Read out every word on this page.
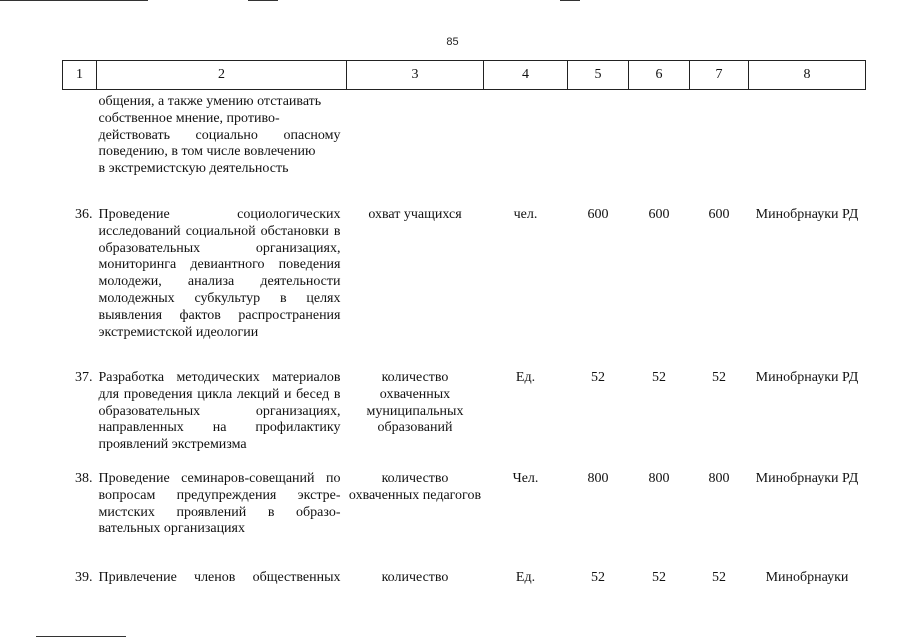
85
1	2	3	4	5	6	7	8

	общения, а также умению отстаивать
собственное мнение, противо-
действовать социально опасному
поведению, в том числе вовлечению
в экстремистскую деятельность						

36.	Проведение социологических исследований социальной обстановки в образовательных организациях, мониторинга девиантного поведения молодежи, анализа деятельности молодежных субкультур в целях выявления фактов распространения экстремистской идеологии	охват учащихся	чел.	600	600	600	Минобрнауки РД
37.	Разработка методических материалов для проведения цикла лекций и бесед в образовательных организациях, направленных на профилактику проявлений экстремизма	количество охваченных муниципальных образований	Ед.	52	52	52	Минобрнауки РД
38.	Проведение семинаров-совещаний по вопросам предупреждения экстре-мистских проявлений в образо-вательных организациях	количество охваченных педагогов	Чел.	800	800	800	Минобрнауки РД
39.	Привлечение членов общественных	количество	Ед.	52	52	52	Минобрнауки
